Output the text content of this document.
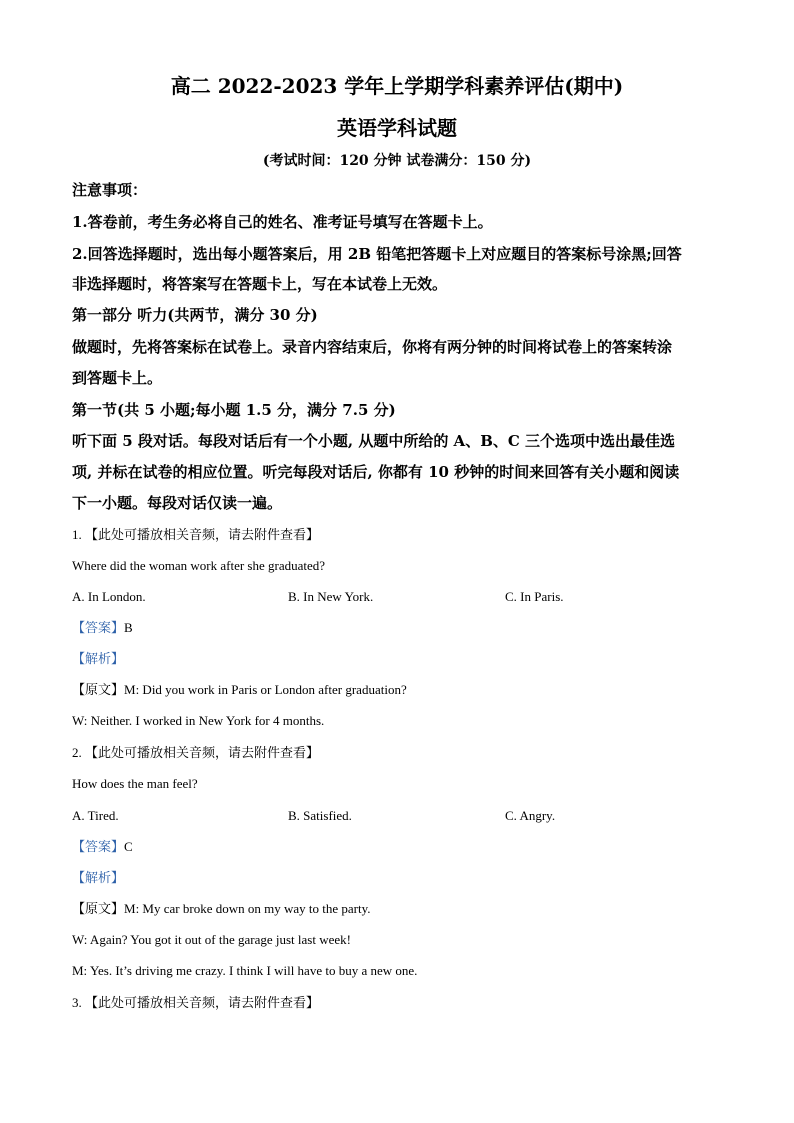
高二 2022-2023 学年上学期学科素养评估(期中)
英语学科试题
(考试时间：120 分钟 试卷满分：150 分)
注意事项：
1.答卷前，考生务必将自己的姓名、准考证号填写在答题卡上。
2.回答选择题时，选出每小题答案后，用 2B 铅笔把答题卡上对应题目的答案标号涂黑;回答
非选择题时，将答案写在答题卡上，写在本试卷上无效。
第一部分 听力(共两节，满分 30 分)
做题时，先将答案标在试卷上。录音内容结束后，你将有两分钟的时间将试卷上的答案转涂
到答题卡上。
第一节(共 5 小题;每小题 1.5 分，满分 7.5 分)
听下面 5 段对话。每段对话后有一个小题, 从题中所给的 A、B、C 三个选项中选出最佳选
项, 并标在试卷的相应位置。听完每段对话后, 你都有 10 秒钟的时间来回答有关小题和阅读
下一小题。每段对话仅读一遍。
1. 【此处可播放相关音频，请去附件查看】
Where did the woman work after she graduated?
A. In London.	B. In New York.	C. In Paris.
【答案】B
【解析】
【原文】M: Did you work in Paris or London after graduation?
W: Neither. I worked in New York for 4 months.
2. 【此处可播放相关音频，请去附件查看】
How does the man feel?
A. Tired.	B. Satisfied.	C. Angry.
【答案】C
【解析】
【原文】M: My car broke down on my way to the party.
W: Again? You got it out of the garage just last week!
M: Yes. It’s driving me crazy. I think I will have to buy a new one.
3. 【此处可播放相关音频，请去附件查看】
